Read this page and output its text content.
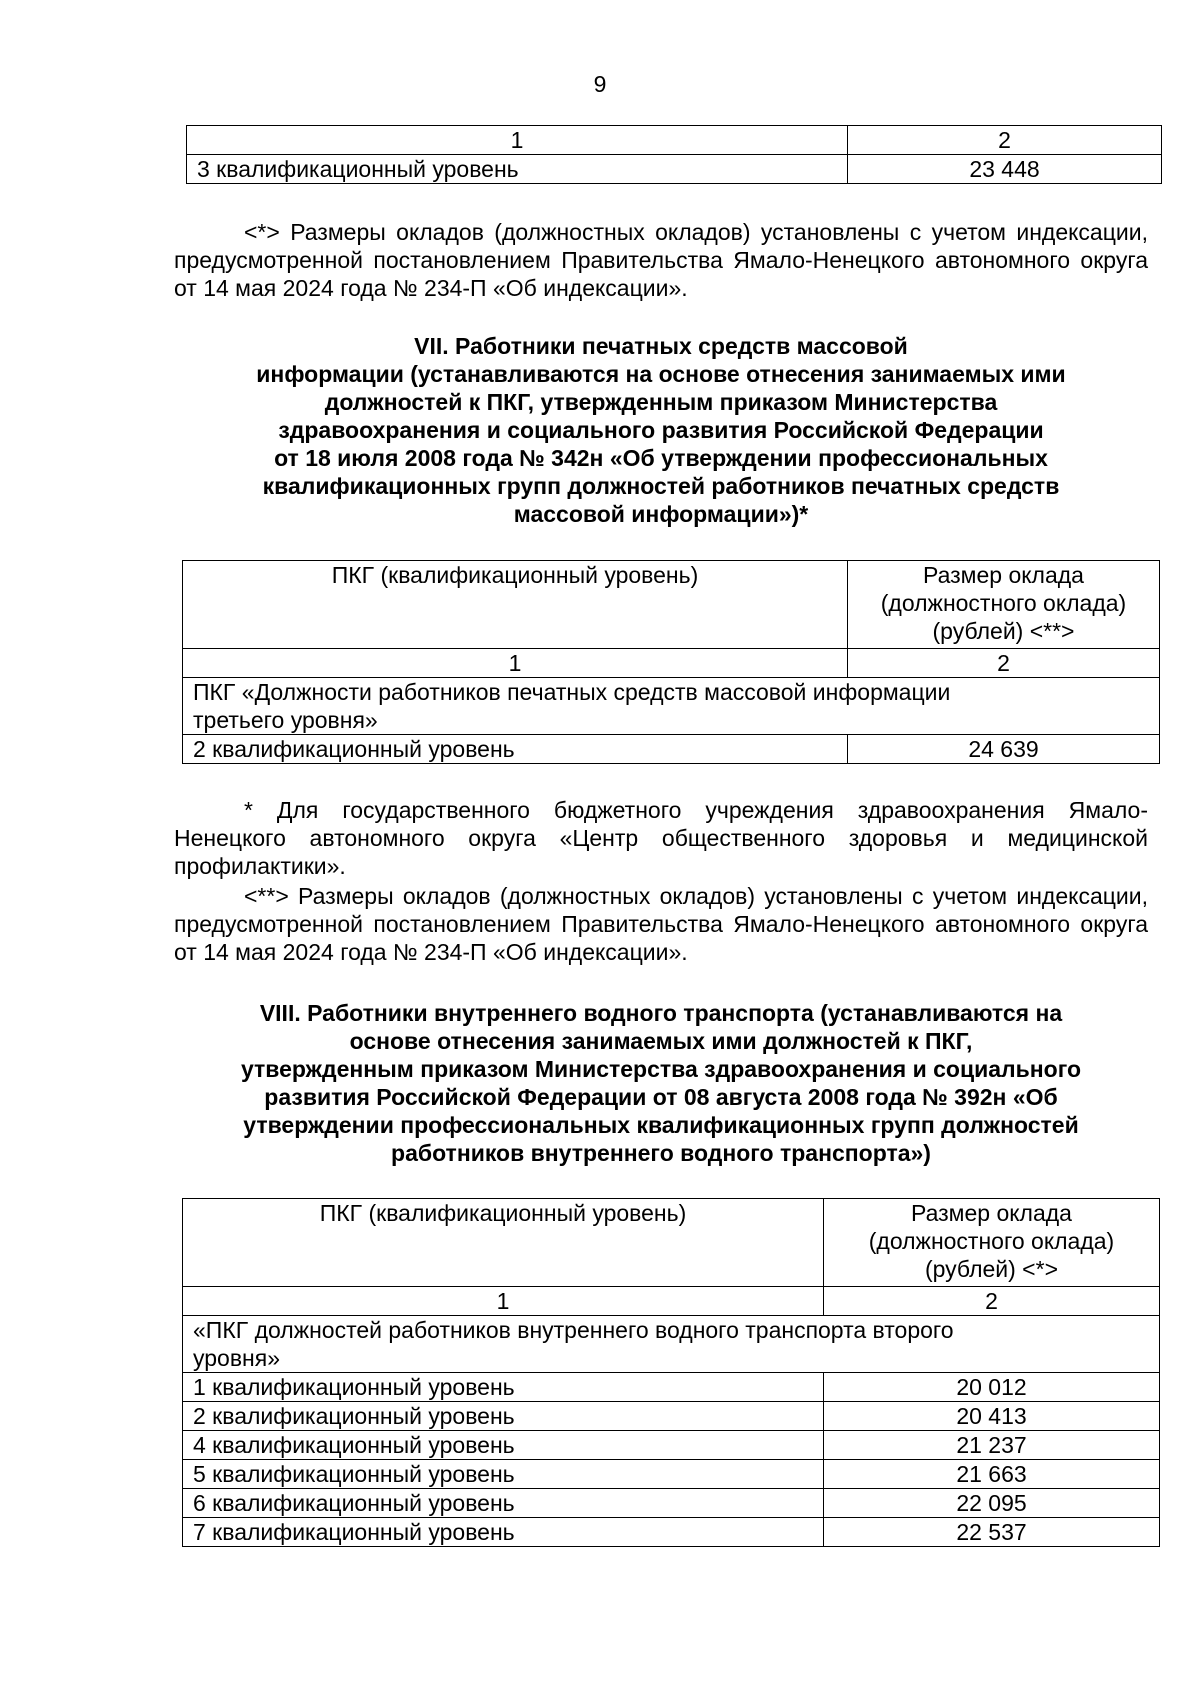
9
1	2
3 квалификационный уровень	23 448
<*> Размеры окладов (должностных окладов) установлены с учетом индексации, предусмотренной постановлением Правительства Ямало-Ненецкого автономного округа от 14 мая 2024 года № 234-П «Об индексации».
VII. Работники печатных средств массовой
информации (устанавливаются на основе отнесения занимаемых ими
должностей к ПКГ, утвержденным приказом Министерства
здравоохранения и социального развития Российской Федерации
от 18 июля 2008 года № 342н «Об утверждении профессиональных
квалификационных групп должностей работников печатных средств
массовой информации»)*
ПКГ (квалификационный уровень)	Размер оклада
(должностного оклада)
(рублей) <**>

1	2

ПКГ «Должности работников печатных средств массовой информации
третьего уровня»	

2 квалификационный уровень	24 639
* Для государственного бюджетного учреждения здравоохранения Ямало-Ненецкого автономного округа «Центр общественного здоровья и медицинской профилактики».
<**> Размеры окладов (должностных окладов) установлены с учетом индексации, предусмотренной постановлением Правительства Ямало-Ненецкого автономного округа от 14 мая 2024 года № 234-П «Об индексации».
VIII. Работники внутреннего водного транспорта (устанавливаются на
основе отнесения занимаемых ими должностей к ПКГ,
утвержденным приказом Министерства здравоохранения и социального
развития Российской Федерации от 08 августа 2008 года № 392н «Об
утверждении профессиональных квалификационных групп должностей
работников внутреннего водного транспорта»)
ПКГ (квалификационный уровень)	Размер оклада
(должностного оклада)
(рублей) <*>

1	2

«ПКГ должностей работников внутреннего водного транспорта второго
уровня»	

1 квалификационный уровень	20 012
2 квалификационный уровень	20 413
4 квалификационный уровень	21 237
5 квалификационный уровень	21 663
6 квалификационный уровень	22 095
7 квалификационный уровень	22 537
